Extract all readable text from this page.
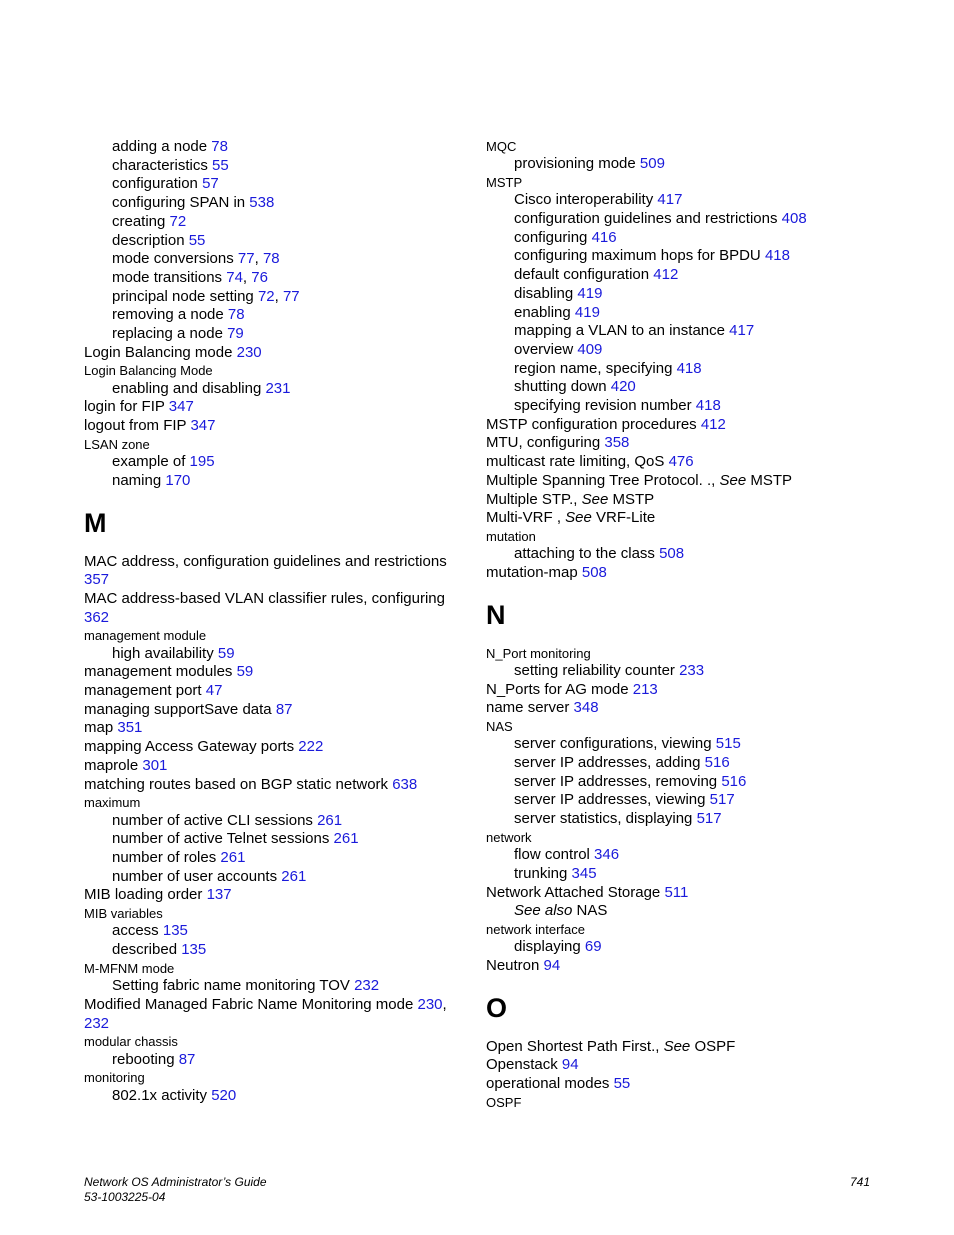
adding a node 78
characteristics 55
configuration 57
configuring SPAN in 538
creating 72
description 55
mode conversions 77, 78
mode transitions 74, 76
principal node setting 72, 77
removing a node 78
replacing a node 79
Login Balancing mode 230
Login Balancing Mode
enabling and disabling 231
login for FIP 347
logout from FIP 347
LSAN zone
example of 195
naming 170
M
MAC address, configuration guidelines and restrictions 357
MAC address-based VLAN classifier rules, configuring 362
management module
high availability 59
management modules 59
management port 47
managing supportSave data 87
map 351
mapping Access Gateway ports 222
maprole 301
matching routes based on BGP static network 638
maximum
number of active CLI sessions 261
number of active Telnet sessions 261
number of roles 261
number of user accounts 261
MIB loading order 137
MIB variables
access 135
described 135
M-MFNM mode
Setting fabric name monitoring TOV 232
Modified Managed Fabric Name Monitoring mode 230, 232
modular chassis
rebooting 87
monitoring
802.1x activity 520
MQC
provisioning mode 509
MSTP
Cisco interoperability 417
configuration guidelines and restrictions 408
configuring 416
configuring maximum hops for BPDU 418
default configuration 412
disabling 419
enabling 419
mapping a VLAN to an instance 417
overview 409
region name, specifying 418
shutting down 420
specifying revision number 418
MSTP configuration procedures 412
MTU, configuring 358
multicast rate limiting, QoS 476
Multiple Spanning Tree Protocol. ., See MSTP
Multiple STP., See MSTP
Multi-VRF , See VRF-Lite
mutation
attaching to the class 508
mutation-map 508
N
N_Port monitoring
setting reliability counter 233
N_Ports for AG mode 213
name server 348
NAS
server configurations, viewing 515
server IP addresses, adding 516
server IP addresses, removing 516
server IP addresses, viewing 517
server statistics, displaying 517
network
flow control 346
trunking 345
Network Attached Storage 511
See also NAS
network interface
displaying 69
Neutron 94
O
Open Shortest Path First., See OSPF
Openstack 94
operational modes 55
OSPF
Network OS Administrator’s Guide
53-1003225-04
741
